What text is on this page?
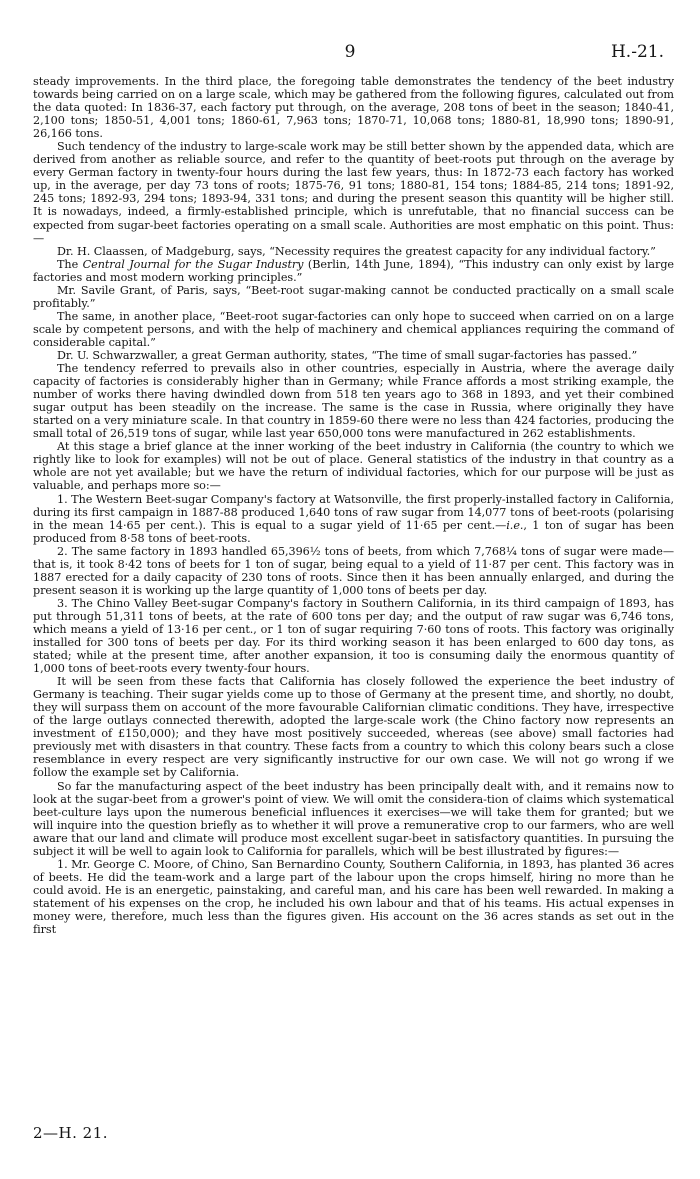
9	H.-21.

steady improvements. In the third place, the foregoing table demonstrates the tendency of the beet industry towards being carried on on a large scale, which may be gathered from the following figures, calculated out from the data quoted: In 1836-37, each factory put through, on the average, 208 tons of beet in the season; 1840-41, 2,100 tons; 1850-51, 4,001 tons; 1860-61, 7,963 tons; 1870-71, 10,068 tons; 1880-81, 18,990 tons; 1890-91, 26,166 tons.

Such tendency of the industry to large-scale work may be still better shown by the appended data, which are derived from another as reliable source, and refer to the quantity of beet-roots put through on the average by every German factory in twenty-four hours during the last few years, thus: In 1872-73 each factory has worked up, in the average, per day 73 tons of roots; 1875-76, 91 tons; 1880-81, 154 tons; 1884-85, 214 tons; 1891-92, 245 tons; 1892-93, 294 tons; 1893-94, 331 tons; and during the present season this quantity will be higher still. It is nowadays, indeed, a firmly-established principle, which is unrefutable, that no financial success can be expected from sugar-beet factories operating on a small scale. Authorities are most emphatic on this point. Thus:—

Dr. H. Claassen, of Madgeburg, says, “Necessity requires the greatest capacity for any individual factory.”

The Central Journal for the Sugar Industry (Berlin, 14th June, 1894), “This industry can only exist by large factories and most modern working principles.”

Mr. Savile Grant, of Paris, says, “Beet-root sugar-making cannot be conducted practically on a small scale profitably.”

The same, in another place, “Beet-root sugar-factories can only hope to succeed when carried on on a large scale by competent persons, and with the help of machinery and chemical appliances requiring the command of considerable capital.”

Dr. U. Schwarzwaller, a great German authority, states, “The time of small sugar-factories has passed.”

The tendency referred to prevails also in other countries, especially in Austria, where the average daily capacity of factories is considerably higher than in Germany; while France affords a most striking example, the number of works there having dwindled down from 518 ten years ago to 368 in 1893, and yet their combined sugar output has been steadily on the increase. The same is the case in Russia, where originally they have started on a very miniature scale. In that country in 1859-60 there were no less than 424 factories, producing the small total of 26,519 tons of sugar, while last year 650,000 tons were manufactured in 262 establishments.

At this stage a brief glance at the inner working of the beet industry in California (the country to which we rightly like to look for examples) will not be out of place. General statistics of the industry in that country as a whole are not yet available; but we have the return of individual factories, which for our purpose will be just as valuable, and perhaps more so:—

1. The Western Beet-sugar Company's factory at Watsonville, the first properly-installed factory in California, during its first campaign in 1887-88 produced 1,640 tons of raw sugar from 14,077 tons of beet-roots (polarising in the mean 14·65 per cent.). This is equal to a sugar yield of 11·65 per cent.—i.e., 1 ton of sugar has been produced from 8·58 tons of beet-roots.

2. The same factory in 1893 handled 65,396½ tons of beets, from which 7,768¼ tons of sugar were made—that is, it took 8·42 tons of beets for 1 ton of sugar, being equal to a yield of 11·87 per cent. This factory was in 1887 erected for a daily capacity of 230 tons of roots. Since then it has been annually enlarged, and during the present season it is working up the large quantity of 1,000 tons of beets per day.

3. The Chino Valley Beet-sugar Company's factory in Southern California, in its third campaign of 1893, has put through 51,311 tons of beets, at the rate of 600 tons per day; and the output of raw sugar was 6,746 tons, which means a yield of 13·16 per cent., or 1 ton of sugar requiring 7·60 tons of roots. This factory was originally installed for 300 tons of beets per day. For its third working season it has been enlarged to 600 day tons, as stated; while at the present time, after another expansion, it too is consuming daily the enormous quantity of 1,000 tons of beet-roots every twenty-four hours.

It will be seen from these facts that California has closely followed the experience the beet industry of Germany is teaching. Their sugar yields come up to those of Germany at the present time, and shortly, no doubt, they will surpass them on account of the more favourable Californian climatic conditions. They have, irrespective of the large outlays connected therewith, adopted the large-scale work (the Chino factory now represents an investment of £150,000); and they have most positively succeeded, whereas (see above) small factories had previously met with disasters in that country. These facts from a country to which this colony bears such a close resemblance in every respect are very significantly instructive for our own case. We will not go wrong if we follow the example set by California.

So far the manufacturing aspect of the beet industry has been principally dealt with, and it remains now to look at the sugar-beet from a grower's point of view. We will omit the considera-tion of claims which systematical beet-culture lays upon the numerous beneficial influences it exercises—we will take them for granted; but we will inquire into the question briefly as to whether it will prove a remunerative crop to our farmers, who are well aware that our land and climate will produce most excellent sugar-beet in satisfactory quantities. In pursuing the subject it will be well to again look to California for parallels, which will be best illustrated by figures:—

1. Mr. George C. Moore, of Chino, San Bernardino County, Southern California, in 1893, has planted 36 acres of beets. He did the team-work and a large part of the labour upon the crops himself, hiring no more than he could avoid. He is an energetic, painstaking, and careful man, and his care has been well rewarded. In making a statement of his expenses on the crop, he included his own labour and that of his teams. His actual expenses in money were, therefore, much less than the figures given. His account on the 36 acres stands as set out in the first

2—H. 21.
